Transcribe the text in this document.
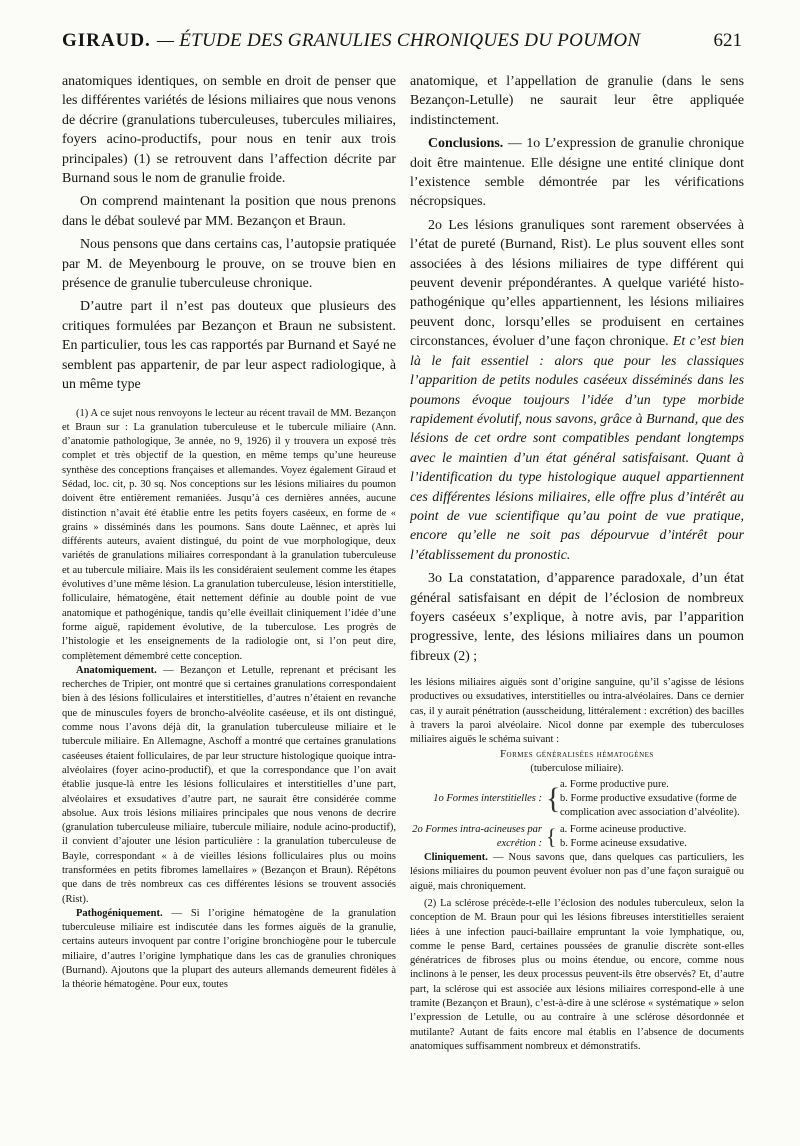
GIRAUD. — ÉTUDE DES GRANULIES CHRONIQUES DU POUMON	621

anatomiques identiques, on semble en droit de penser que les différentes variétés de lésions miliaires que nous venons de décrire (granulations tuberculeuses, tubercules miliaires, foyers acino-productifs, pour nous en tenir aux trois principales) (1) se retrouvent dans l’affection décrite par Burnand sous le nom de granulie froide.

On comprend maintenant la position que nous prenons dans le débat soulevé par MM. Bezançon et Braun.

Nous pensons que dans certains cas, l’autopsie pratiquée par M. de Meyenbourg le prouve, on se trouve bien en présence de granulie tuberculeuse chronique.

D’autre part il n’est pas douteux que plusieurs des critiques formulées par Bezançon et Braun ne subsistent. En particulier, tous les cas rapportés par Burnand et Sayé ne semblent pas appartenir, de par leur aspect radiologique, à un même type

(1) A ce sujet nous renvoyons le lecteur au récent travail de MM. Bezançon et Braun sur : La granulation tuberculeuse et le tubercule miliaire (Ann. d’anatomie pathologique, 3e année, no 9, 1926) il y trouvera un exposé très complet et très objectif de la question, en même temps qu’une heureuse synthèse des conceptions françaises et allemandes. Voyez également Giraud et Sédad, loc. cit, p. 30 sq. Nos conceptions sur les lésions miliaires du poumon doivent être entièrement remaniées. Jusqu’à ces dernières années, aucune distinction n’avait été établie entre les petits foyers caséeux, en forme de « grains » disséminés dans les poumons. Sans doute Laënnec, et après lui différents auteurs, avaient distingué, du point de vue morphologique, deux variétés de granulations miliaires correspondant à la granulation tuberculeuse et au tubercule miliaire. Mais ils les considéraient seulement comme les étapes évolutives d’une même lésion. La granulation tuberculeuse, lésion interstitielle, folliculaire, hématogène, était nettement définie au double point de vue anatomique et pathogénique, tandis qu’elle éveillait cliniquement l’idée d’une forme aiguë, rapidement évolutive, de la tuberculose. Les progrès de l’histologie et les enseignements de la radiologie ont, si l’on peut dire, complètement démembré cette conception.

Anatomiquement. — Bezançon et Letulle, reprenant et précisant les recherches de Tripier, ont montré que si certaines granulations correspondaient bien à des lésions folliculaires et interstitielles, d’autres n’étaient en revanche que de minuscules foyers de broncho-alvéolite caséeuse, et ils ont distingué, comme nous l’avons déjà dit, la granulation tuberculeuse miliaire et le tubercule miliaire. En Allemagne, Aschoff a montré que certaines granulations caséeuses étaient folliculaires, de par leur structure histologique quoique intra-alvéolaires (foyer acino-productif), et que la correspondance que l’on avait établie jusque-là entre les lésions folliculaires et interstitielles d’une part, alvéolaires et exsudatives d’autre part, ne saurait être considérée comme absolue. Aux trois lésions miliaires principales que nous venons de decrire (granulation tuberculeuse miliaire, tubercule miliaire, nodule acino-productif), il convient d’ajouter une lésion particulière : la granulation tuberculeuse de Bayle, correspondant « à de vieilles lésions folliculaires plus ou moins transformées en petits fibromes lamellaires » (Bezançon et Braun). Répétons que dans de très nombreux cas ces différentes lésions se trouvent associés (Rist).

Pathogéniquement. — Si l’origine hématogène de la granulation tuberculeuse miliaire est indiscutée dans les formes aiguës de la granulie, certains auteurs invoquent par contre l’origine bronchiogène pour le tubercule miliaire, d’autres l’origine lymphatique dans les cas de granulies chroniques (Burnand). Ajoutons que la plupart des auteurs allemands demeurent fidèles à la théorie hématogène. Pour eux, toutes

anatomique, et l’appellation de granulie (dans le sens Bezançon-Letulle) ne saurait leur être appliquée indistinctement.

Conclusions. — 1o L’expression de granulie chronique doit être maintenue. Elle désigne une entité clinique dont l’existence semble démontrée par les vérifications nécropsiques.

2o Les lésions granuliques sont rarement observées à l’état de pureté (Burnand, Rist). Le plus souvent elles sont associées à des lésions miliaires de type différent qui peuvent devenir prépondérantes. A quelque variété histo-pathogénique qu’elles appartiennent, les lésions miliaires peuvent donc, lorsqu’elles se produisent en certaines circonstances, évoluer d’une façon chronique. Et c’est bien là le fait essentiel : alors que pour les classiques l’apparition de petits nodules caséeux disséminés dans les poumons évoque toujours l’idée d’un type morbide rapidement évolutif, nous savons, grâce à Burnand, que des lésions de cet ordre sont compatibles pendant longtemps avec le maintien d’un état général satisfaisant. Quant à l’identification du type histologique auquel appartiennent ces différentes lésions miliaires, elle offre plus d’intérêt au point de vue scientifique qu’au point de vue pratique, encore qu’elle ne soit pas dépourvue d’intérêt pour l’établissement du pronostic.

3o La constatation, d’apparence paradoxale, d’un état général satisfaisant en dépit de l’éclosion de nombreux foyers caséeux s’explique, à notre avis, par l’apparition progressive, lente, des lésions miliaires dans un poumon fibreux (2) ;

les lésions miliaires aiguës sont d’origine sanguine, qu’il s’agisse de lésions productives ou exsudatives, interstitielles ou intra-alvéolaires. Dans ce dernier cas, il y aurait pénétration (ausscheidung, littéralement : excrétion) des bacilles à travers la paroi alvéolaire. Nicol donne par exemple des tuberculoses miliaires aiguës le schéma suivant :

Formes généralisées hématogènes
(tuberculose miliaire).
1o Formes interstitielles : { a. Forme productive pure.
b. Forme productive exsudative (forme de complication avec association d’alvéolite).
2o Formes intra-acineuses par excrétion : { a. Forme acineuse productive.
b. Forme acineuse exsudative.

Cliniquement. — Nous savons que, dans quelques cas particuliers, les lésions miliaires du poumon peuvent évoluer non pas d’une façon suraiguë ou aiguë, mais chroniquement.

(2) La sclérose précède-t-elle l’éclosion des nodules tuberculeux, selon la conception de M. Braun pour qui les lésions fibreuses interstitielles seraient liées à une infection pauci-baillaire empruntant la voie lymphatique, ou, comme le pense Bard, certaines poussées de granulie discrète sont-elles génératrices de fibroses plus ou moins étendue, ou encore, comme nous inclinons à le penser, les deux processus peuvent-ils être observés? Et, d’autre part, la sclérose qui est associée aux lésions miliaires correspond-elle à une tramite (Bezançon et Braun), c’est-à-dire à une sclérose « systématique » selon l’expression de Letulle, ou au contraire à une sclérose désordonnée et mutilante? Autant de faits encore mal établis en l’absence de documents anatomiques suffisamment nombreux et démonstratifs.
